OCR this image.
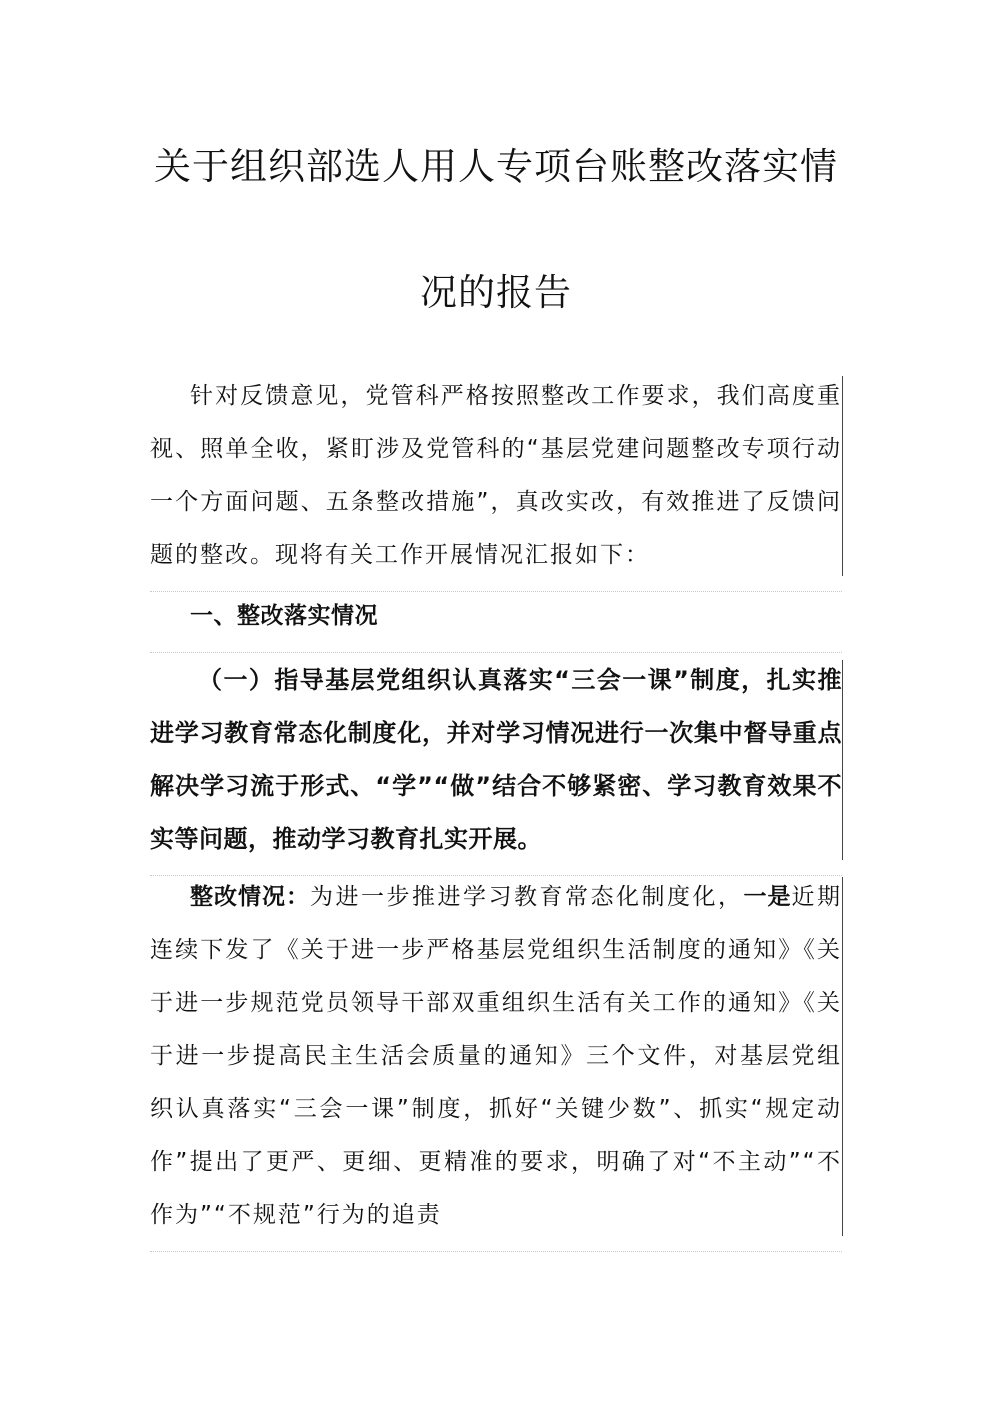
关于组织部选人用人专项台账整改落实情
况的报告

针对反馈意见，党管科严格按照整改工作要求，我们高度重视、照单全收，紧盯涉及党管科的“基层党建问题整改专项行动一个方面问题、五条整改措施”，真改实改，有效推进了反馈问题的整改。现将有关工作开展情况汇报如下：

一、整改落实情况

（一）指导基层党组织认真落实“三会一课”制度，扎实推进学习教育常态化制度化，并对学习情况进行一次集中督导重点解决学习流于形式、“学”“做”结合不够紧密、学习教育效果不实等问题，推动学习教育扎实开展。

整改情况：为进一步推进学习教育常态化制度化，一是近期连续下发了《关于进一步严格基层党组织生活制度的通知》《关于进一步规范党员领导干部双重组织生活有关工作的通知》《关于进一步提高民主生活会质量的通知》三个文件，对基层党组织认真落实“三会一课”制度，抓好“关键少数”、抓实“规定动作”提出了更严、更细、更精准的要求，明确了对“不主动”“不作为”“不规范”行为的追责
